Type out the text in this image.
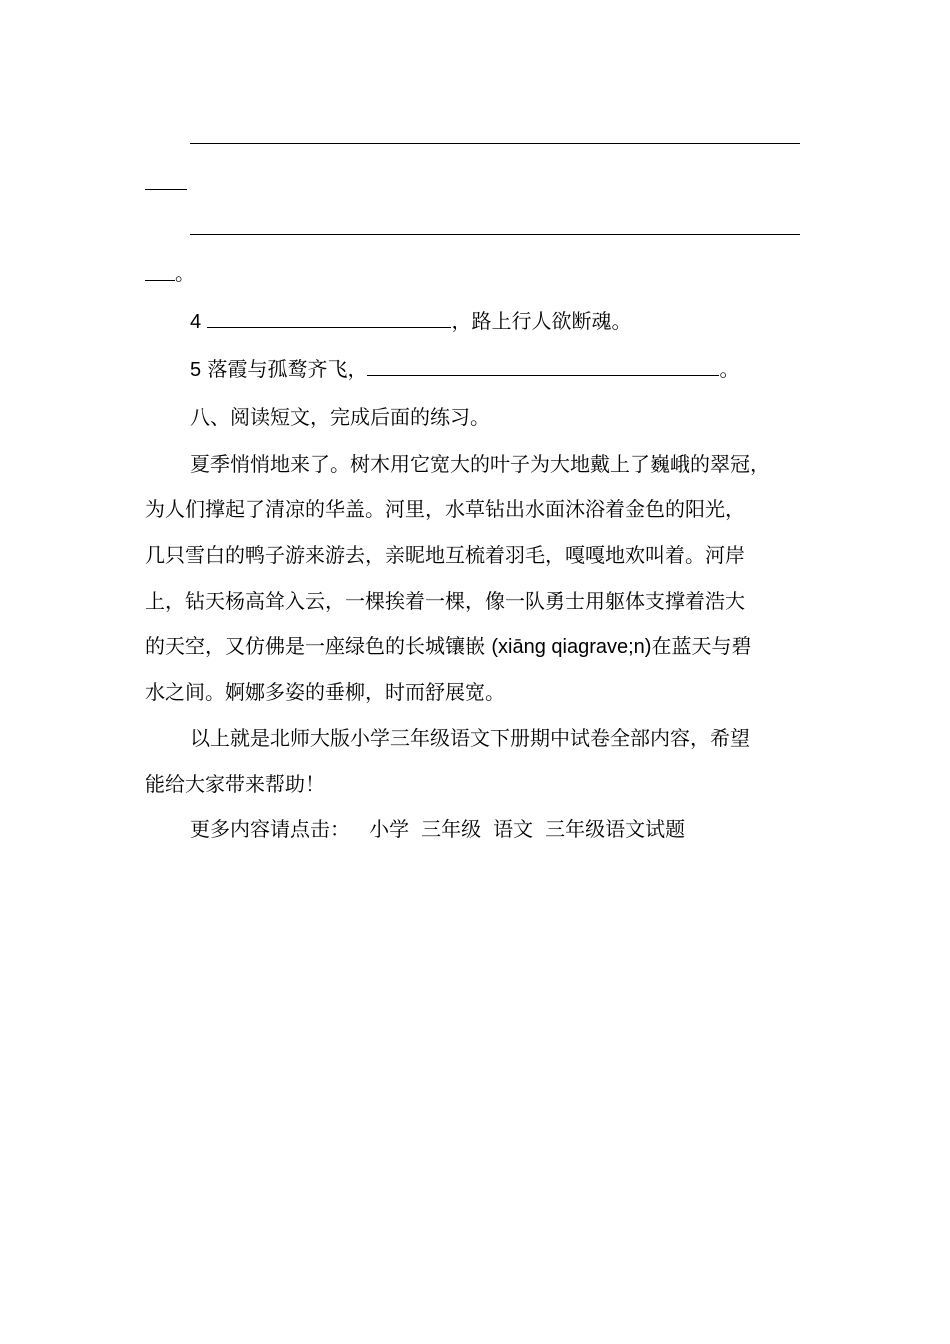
。
4	，路上行人欲断魂。
5 落霞与孤鹜齐飞，	。
八、阅读短文，完成后面的练习。
夏季悄悄地来了。树木用它宽大的叶子为大地戴上了巍峨的翠冠，
为人们撑起了清凉的华盖。河里，水草钻出水面沐浴着金色的阳光，
几只雪白的鸭子游来游去，亲昵地互梳着羽毛，嘎嘎地欢叫着。河岸
上，钻天杨高耸入云，一棵挨着一棵，像一队勇士用躯体支撑着浩大
的天空，又仿佛是一座绿色的长城镶嵌 (xiāng qiagrave;n)在蓝天与碧
水之间。婀娜多姿的垂柳，时而舒展宽。
以上就是北师大版小学三年级语文下册期中试卷全部内容，希望
能给大家带来帮助！
更多内容请点击： 小学 三年级 语文 三年级语文试题
